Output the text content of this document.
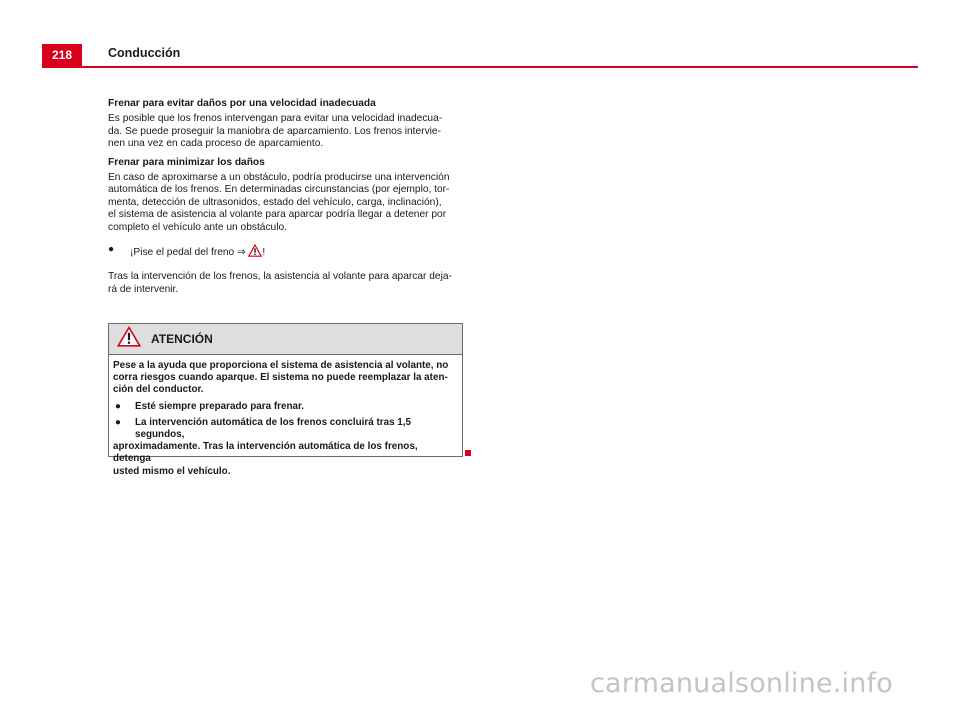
218	Conducción

Frenar para evitar daños por una velocidad inadecuada

Es posible que los frenos intervengan para evitar una velocidad inadecua-
da. Se puede proseguir la maniobra de aparcamiento. Los frenos intervie-
nen una vez en cada proceso de aparcamiento.

Frenar para minimizar los daños

En caso de aproximarse a un obstáculo, podría producirse una intervención
automática de los frenos. En determinadas circunstancias (por ejemplo, tor-
menta, detección de ultrasonidos, estado del vehículo, carga, inclinación),
el sistema de asistencia al volante para aparcar podría llegar a detener por
completo el vehículo ante un obstáculo.

●	¡Pise el pedal del freno ⇒ !

Tras la intervención de los frenos, la asistencia al volante para aparcar deja-
rá de intervenir.

ATENCIÓN

Pese a la ayuda que proporciona el sistema de asistencia al volante, no
corra riesgos cuando aparque. El sistema no puede reemplazar la aten-
ción del conductor.

●	Esté siempre preparado para frenar.
●	La intervención automática de los frenos concluirá tras 1,5 segundos,

aproximadamente. Tras la intervención automática de los frenos, detenga
usted mismo el vehículo.

carmanualsonline.info
